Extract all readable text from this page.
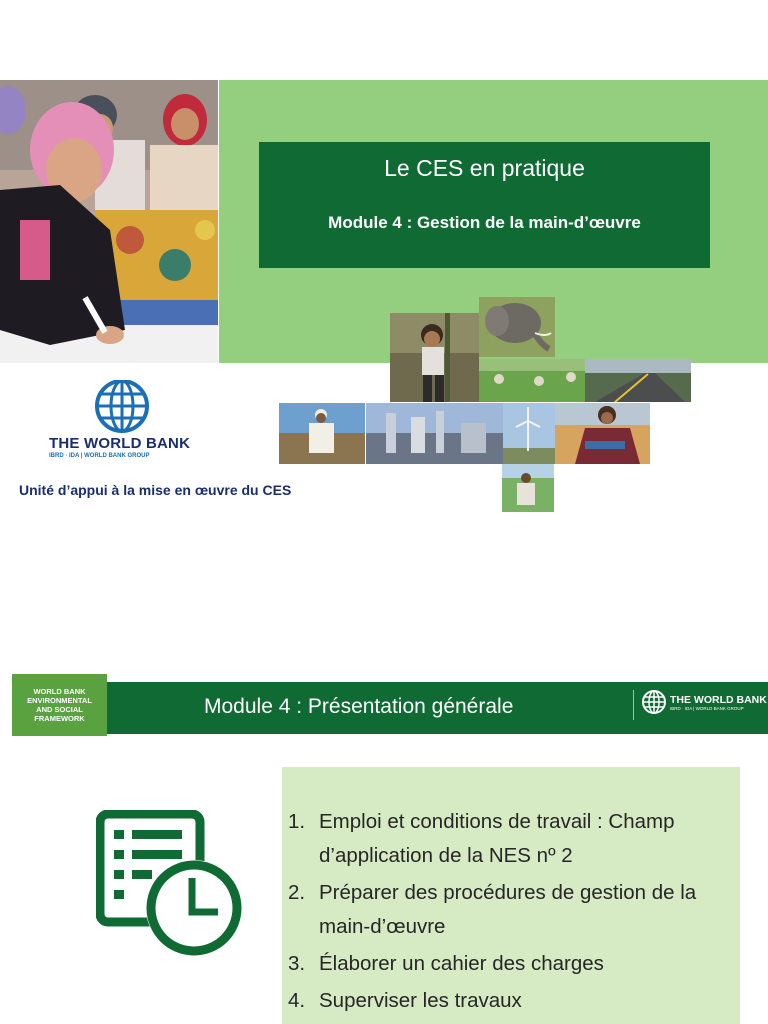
Le CES en pratique
Module 4 : Gestion de la main-d’œuvre
THE WORLD BANK
IBRD · IDA | WORLD BANK GROUP
Unité d’appui à la mise en œuvre du CES
WORLD BANK
ENVIRONMENTAL
AND SOCIAL
FRAMEWORK
Module 4 : Présentation générale	THE WORLD BANK
IBRD · IDA | WORLD BANK GROUP
1. Emploi et conditions de travail : Champ d’application de la NES nº 2
2. Préparer des procédures de gestion de la main-d’œuvre
3. Élaborer un cahier des charges
4. Superviser les travaux
